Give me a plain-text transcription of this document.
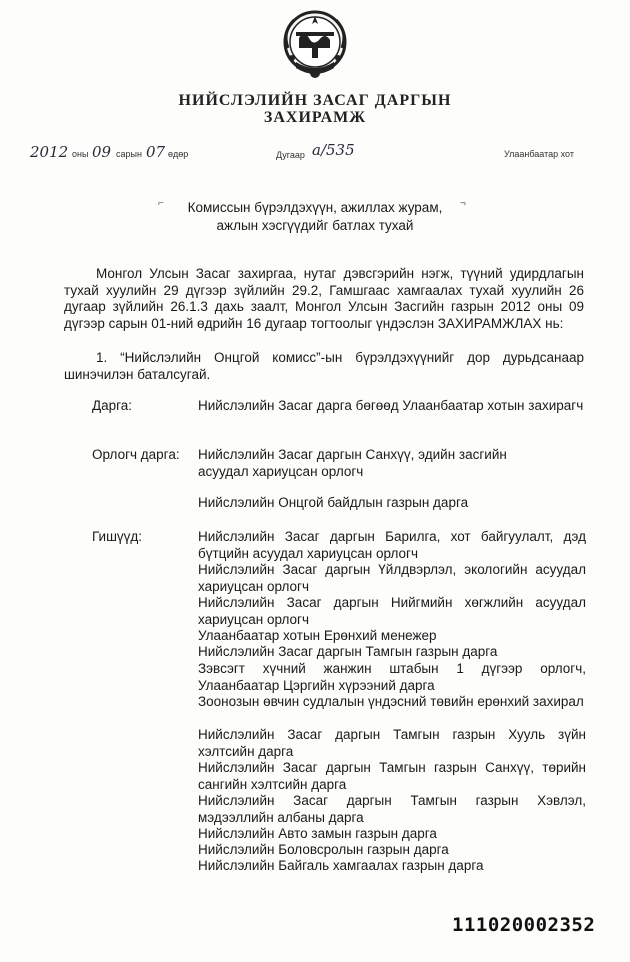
НИЙСЛЭЛИЙН ЗАСАГ ДАРГЫН
ЗАХИРАМЖ
2012 оны 09 сарын 07 өдөр	Дугаар а/535	Улаанбаатар хот
⌐	¬
Комиссын бүрэлдэхүүн, ажиллах журам,
ажлын хэсгүүдийг батлах тухай
Монгол Улсын Засаг захиргаа, нутаг дэвсгэрийн нэгж, түүний удирдлагын тухай хуулийн 29 дүгээр зүйлийн 29.2, Гамшгаас хамгаалах тухай хуулийн 26 дугаар зүйлийн 26.1.3 дахь заалт, Монгол Улсын Засгийн газрын 2012 оны 09 дүгээр сарын 01-ний өдрийн 16 дугаар тогтоолыг үндэслэн ЗАХИРАМЖЛАХ нь:
1. “Нийслэлийн Онцгой комисс”-ын бүрэлдэхүүнийг дор дурьдсанаар шинэчилэн баталсугай.
Дарга:	Нийслэлийн Засаг дарга бөгөөд Улаанбаатар хотын захирагч
Орлогч дарга: Нийслэлийн Засаг даргын Санхүү, эдийн засгийн асуудал хариуцсан орлогч
Нийслэлийн Онцгой байдлын газрын дарга
Гишүүд:	Нийслэлийн Засаг даргын Барилга, хот байгуулалт, дэд бүтцийн асуудал хариуцсан орлогч
Нийслэлийн Засаг даргын Үйлдвэрлэл, экологийн асуудал хариуцсан орлогч
Нийслэлийн Засаг даргын Нийгмийн хөгжлийн асуудал хариуцсан орлогч
Улаанбаатар хотын Ерөнхий менежер
Нийслэлийн Засаг даргын Тамгын газрын дарга
Зэвсэгт хүчний жанжин штабын 1 дүгээр орлогч, Улаанбаатар Цэргийн хүрээний дарга
Зоонозын өвчин судлалын үндэсний төвийн ерөнхий захирал
Нийслэлийн Засаг даргын Тамгын газрын Хууль зүйн хэлтсийн дарга
Нийслэлийн Засаг даргын Тамгын газрын Санхүү, төрийн сангийн хэлтсийн дарга
Нийслэлийн Засаг даргын Тамгын газрын Хэвлэл, мэдээллийн албаны дарга
Нийслэлийн Авто замын газрын дарга
Нийслэлийн Боловсролын газрын дарга
Нийслэлийн Байгаль хамгаалах газрын дарга
111020002352
